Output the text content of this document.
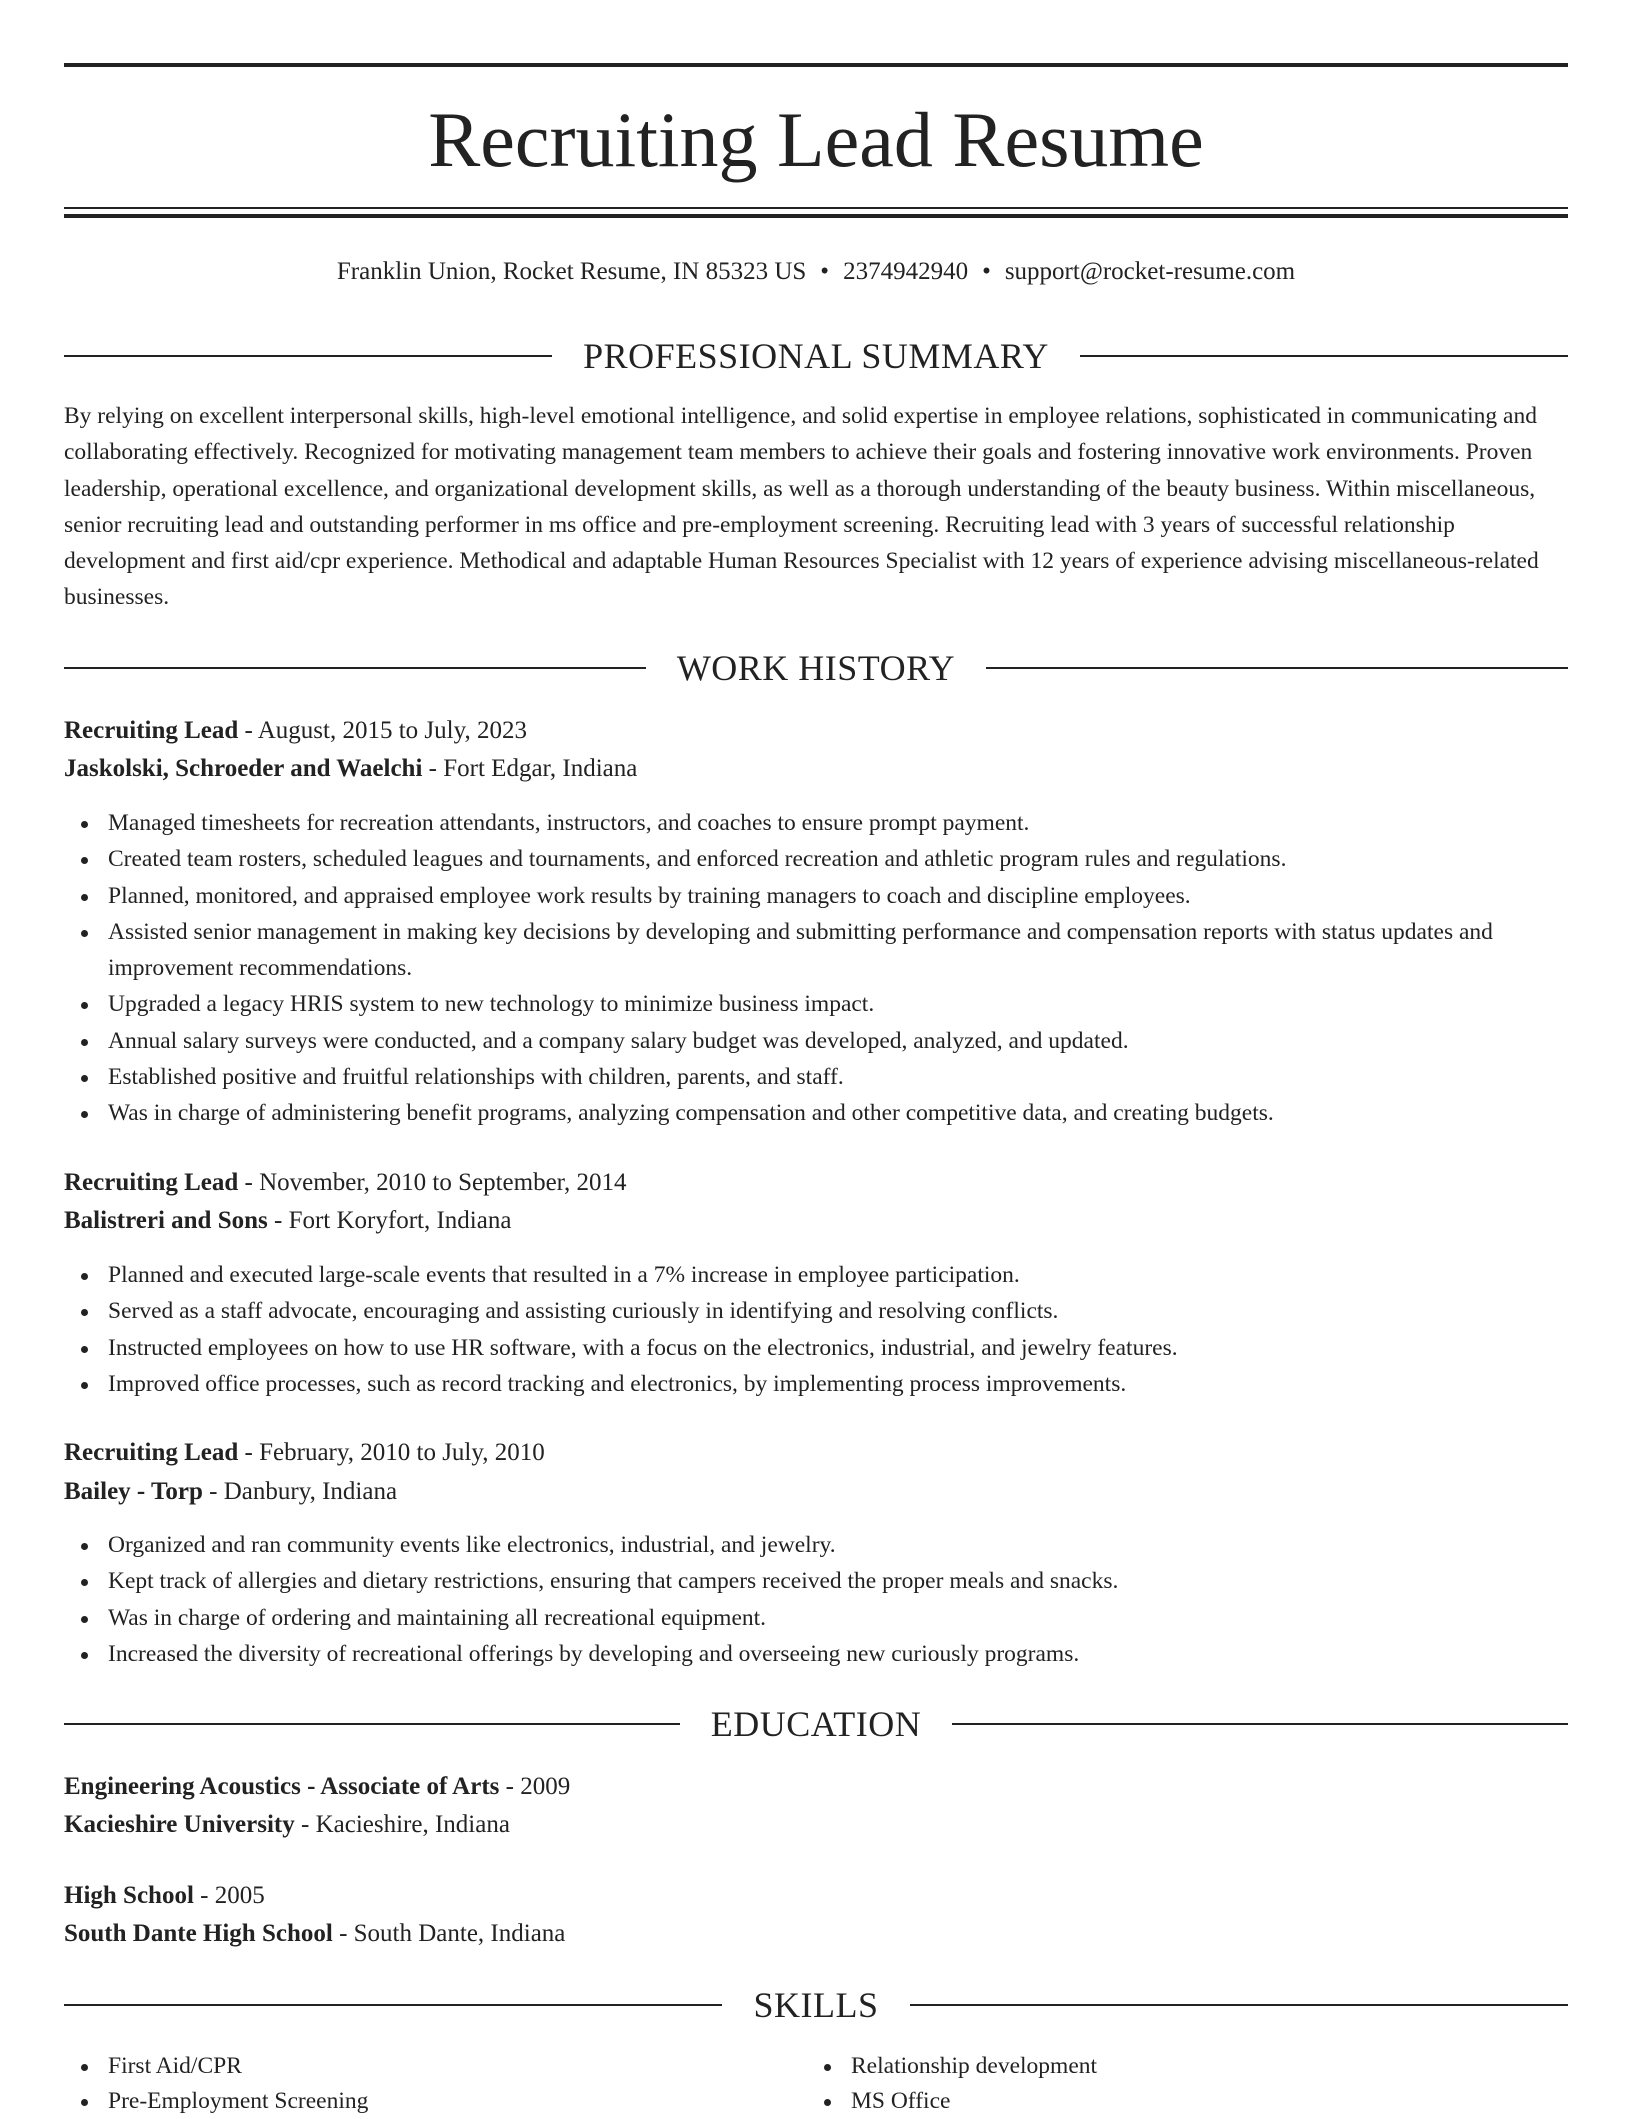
Recruiting Lead Resume
Franklin Union, Rocket Resume, IN 85323 US • 2374942940 • support@rocket-resume.com
PROFESSIONAL SUMMARY

By relying on excellent interpersonal skills, high-level emotional intelligence, and solid expertise in employee relations, sophisticated in communicating and collaborating effectively. Recognized for motivating management team members to achieve their goals and fostering innovative work environments. Proven leadership, operational excellence, and organizational development skills, as well as a thorough understanding of the beauty business. Within miscellaneous, senior recruiting lead and outstanding performer in ms office and pre-employment screening. Recruiting lead with 3 years of successful relationship development and first aid/cpr experience. Methodical and adaptable Human Resources Specialist with 12 years of experience advising miscellaneous-related businesses.

WORK HISTORY
Recruiting Lead - August, 2015 to July, 2023
Jaskolski, Schroeder and Waelchi - Fort Edgar, Indiana
Managed timesheets for recreation attendants, instructors, and coaches to ensure prompt payment.
Created team rosters, scheduled leagues and tournaments, and enforced recreation and athletic program rules and regulations.
Planned, monitored, and appraised employee work results by training managers to coach and discipline employees.
Assisted senior management in making key decisions by developing and submitting performance and compensation reports with status updates and improvement recommendations.
Upgraded a legacy HRIS system to new technology to minimize business impact.
Annual salary surveys were conducted, and a company salary budget was developed, analyzed, and updated.
Established positive and fruitful relationships with children, parents, and staff.
Was in charge of administering benefit programs, analyzing compensation and other competitive data, and creating budgets.
Recruiting Lead - November, 2010 to September, 2014
Balistreri and Sons - Fort Koryfort, Indiana
Planned and executed large-scale events that resulted in a 7% increase in employee participation.
Served as a staff advocate, encouraging and assisting curiously in identifying and resolving conflicts.
Instructed employees on how to use HR software, with a focus on the electronics, industrial, and jewelry features.
Improved office processes, such as record tracking and electronics, by implementing process improvements.
Recruiting Lead - February, 2010 to July, 2010
Bailey - Torp - Danbury, Indiana
Organized and ran community events like electronics, industrial, and jewelry.
Kept track of allergies and dietary restrictions, ensuring that campers received the proper meals and snacks.
Was in charge of ordering and maintaining all recreational equipment.
Increased the diversity of recreational offerings by developing and overseeing new curiously programs.
EDUCATION
Engineering Acoustics - Associate of Arts - 2009
Kacieshire University - Kacieshire, Indiana
High School - 2005
South Dante High School - South Dante, Indiana
SKILLS
First Aid/CPR
Pre-Employment Screening
Relationship development
MS Office
